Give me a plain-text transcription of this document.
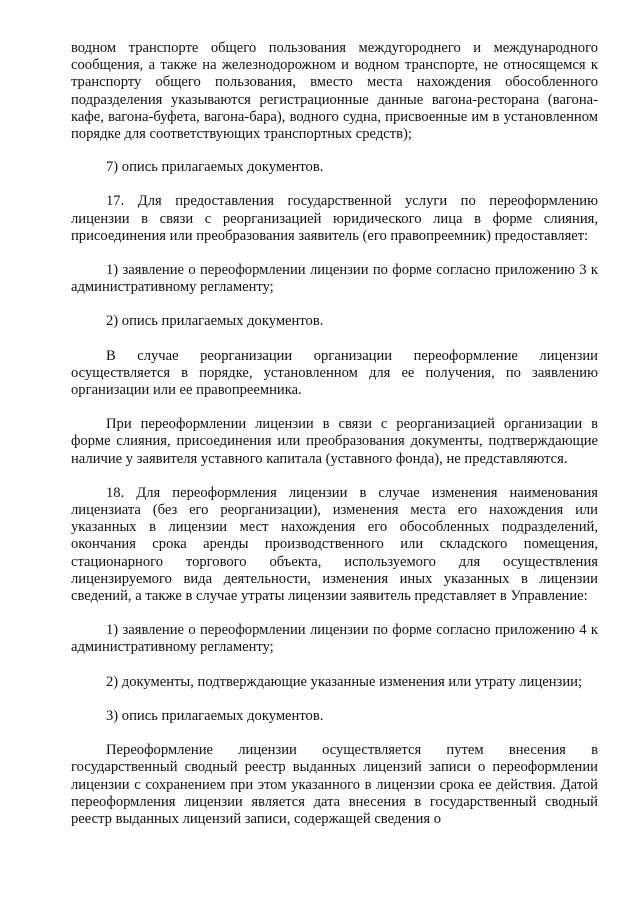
водном транспорте общего пользования междугороднего и международного сообщения, а также на железнодорожном и водном транспорте, не относящемся к транспорту общего пользования, вместо места нахождения обособленного подразделения указываются регистрационные данные вагона-ресторана (вагона-кафе, вагона-буфета, вагона-бара), водного судна, присвоенные им в установленном порядке для соответствующих транспортных средств);

7) опись прилагаемых документов.

17. Для предоставления государственной услуги по переоформлению лицензии в связи с реорганизацией юридического лица в форме слияния, присоединения или преобразования заявитель (его правопреемник) предоставляет:

1) заявление о переоформлении лицензии по форме согласно приложению 3 к административному регламенту;

2) опись прилагаемых документов.

В случае реорганизации организации переоформление лицензии осуществляется в порядке, установленном для ее получения, по заявлению организации или ее правопреемника.

При переоформлении лицензии в связи с реорганизацией организации в форме слияния, присоединения или преобразования документы, подтверждающие наличие у заявителя уставного капитала (уставного фонда), не представляются.

18. Для переоформления лицензии в случае изменения наименования лицензиата (без его реорганизации), изменения места его нахождения или указанных в лицензии мест нахождения его обособленных подразделений, окончания срока аренды производственного или складского помещения, стационарного торгового объекта, используемого для осуществления лицензируемого вида деятельности, изменения иных указанных в лицензии сведений, а также в случае утраты лицензии заявитель представляет в Управление:

1) заявление о переоформлении лицензии по форме согласно приложению 4 к административному регламенту;

2) документы, подтверждающие указанные изменения или утрату лицензии;

3) опись прилагаемых документов.

Переоформление лицензии осуществляется путем внесения в государственный сводный реестр выданных лицензий записи о переоформлении лицензии с сохранением при этом указанного в лицензии срока ее действия. Датой переоформления лицензии является дата внесения в государственный сводный реестр выданных лицензий записи, содержащей сведения о
